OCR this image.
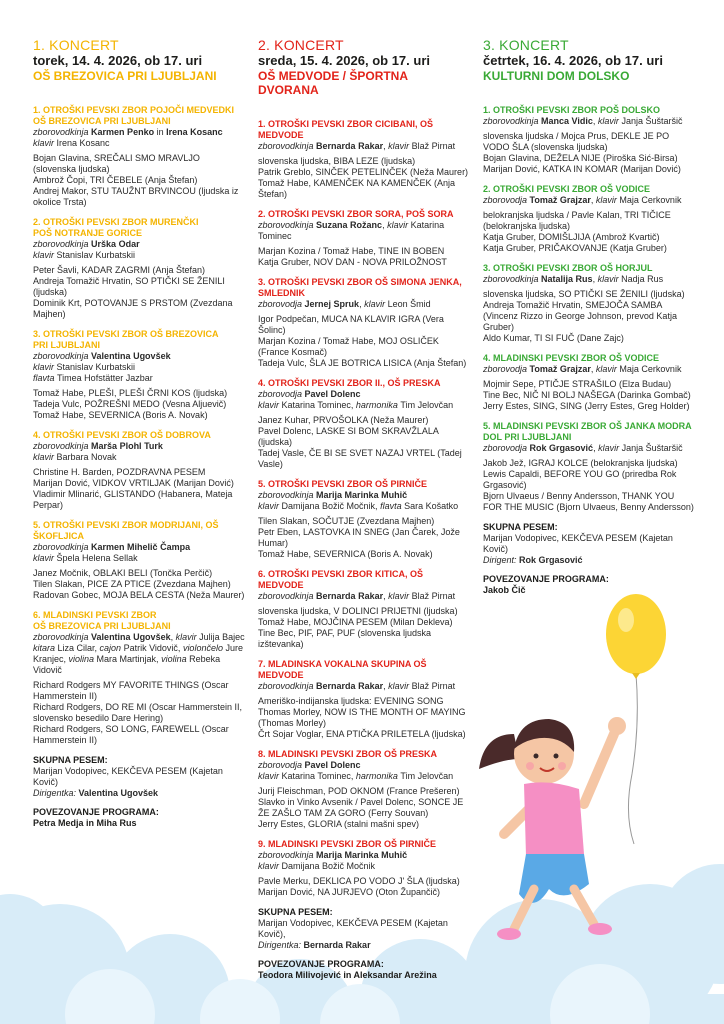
1. KONCERT
torek, 14. 4. 2026, ob 17. uri
OŠ BREZOVICA PRI LJUBLJANI
1. OTROŠKI PEVSKI ZBOR POJOČI MEDVEDKI
OŠ BREZOVICA PRI LJUBLJANI
zborovodkinja Karmen Penko in Irena Kosanc
klavir Irena Kosanc
Bojan Glavina, SREČALI SMO MRAVLJO (slovenska ljudska)
Ambrož Čopi, TRI ČEBELE (Anja Štefan)
Andrej Makor, STU TAUŽNT BRVINCOU (ljudska iz okolice Trsta)
2. OTROŠKI PEVSKI ZBOR MURENČKI
POŠ NOTRANJE GORICE
zborovodkinja Urška Odar
klavir Stanislav Kurbatskii
Peter Šavli, KADAR ZAGRMI (Anja Štefan)
Andreja Tomažič Hrvatin, SO PTIČKI SE ŽENILI (ljudska)
Dominik Krt, POTOVANJE S PRSTOM (Zvezdana Majhen)
3. OTROŠKI PEVSKI ZBOR OŠ BREZOVICA
PRI LJUBLJANI
zborovodkinja Valentina Ugovšek
klavir Stanislav Kurbatskii
flavta Timea Hofstätter Jazbar
Tomaž Habe, PLEŠI, PLEŠI ČRNI KOS (ljudska)
Tadeja Vulc, POŽREŠNI MEDO (Vesna Aljuevič)
Tomaž Habe, SEVERNICA (Boris A. Novak)
4. OTROŠKI PEVSKI ZBOR OŠ DOBROVA
zborovodkinja Marša Plohl Turk
klavir Barbara Novak
Christine H. Barden, POZDRAVNA PESEM
Marijan Dović, VIDKOV VRTILJAK (Marijan Dović)
Vladimir Mlinarić, GLISTANDO (Habanera, Mateja Perpar)
5. OTROŠKI PEVSKI ZBOR MODRIJANI, OŠ ŠKOFLJICA
zborovodkinja Karmen Mihelič Čampa
klavir Špela Helena Sellak
Janez Močnik, OBLAKI BELI (Tončka Perčič)
Tilen Slakan, PICE ZA PTICE (Zvezdana Majhen)
Radovan Gobec, MOJA BELA CESTA (Neža Maurer)
6. MLADINSKI PEVSKI ZBOR
OŠ BREZOVICA PRI LJUBLJANI
zborovodkinja Valentina Ugovšek, klavir Julija Bajec
kitara Liza Cilar, cajon Patrik Vidovič, violončelo Jure Kranjec, violina Mara Martinjak, violina Rebeka Vidovič
Richard Rodgers MY FAVORITE THINGS (Oscar Hammerstein II)
Richard Rodgers, DO RE MI (Oscar Hammerstein II, slovensko besedilo Dare Hering)
Richard Rodgers, SO LONG, FAREWELL (Oscar Hammerstein II)
SKUPNA PESEM:
Marijan Vodopivec, KEKČEVA PESEM (Kajetan Kovič)
Dirigentka: Valentina Ugovšek
POVEZOVANJE PROGRAMA:
Petra Medja in Miha Rus
2. KONCERT
sreda, 15. 4. 2026, ob 17. uri
OŠ MEDVODE / ŠPORTNA DVORANA
1. OTROŠKI PEVSKI ZBOR CICIBANI, OŠ MEDVODE
zborovodkinja Bernarda Rakar, klavir Blaž Pirnat
slovenska ljudska, BIBA LEZE (ljudska)
Patrik Greblo, SINČEK PETELINČEK (Neža Maurer)
Tomaž Habe, KAMENČEK NA KAMENČEK (Anja Štefan)
2. OTROŠKI PEVSKI ZBOR SORA, POŠ SORA
zborovodkinja Suzana Rožanc, klavir Katarina Tominec
Marjan Kozina / Tomaž Habe, TINE IN BOBEN
Katja Gruber, NOV DAN - NOVA PRILOŽNOST
3. OTROŠKI PEVSKI ZBOR OŠ SIMONA JENKA, SMLEDNIK
zborovodja Jernej Spruk, klavir Leon Šmid
Igor Podpečan, MUCA NA KLAVIR IGRA (Vera Šolinc)
Marjan Kozina / Tomaž Habe, MOJ OSLIČEK (France Kosmač)
Tadeja Vulc, ŠLA JE BOTRICA LISICA (Anja Štefan)
4. OTROŠKI PEVSKI ZBOR II., OŠ PRESKA
zborovodja Pavel Dolenc
klavir Katarina Tominec, harmonika Tim Jelovčan
Janez Kuhar, PRVOŠOLKA (Neža Maurer)
Pavel Dolenc, LASKE SI BOM SKRAVŽLALA (ljudska)
Tadej Vasle, ČE BI SE SVET NAZAJ VRTEL (Tadej Vasle)
5. OTROŠKI PEVSKI ZBOR OŠ PIRNIČE
zborovodkinja Marija Marinka Muhič
klavir Damijana Božič Močnik, flavta Sara Košatko
Tilen Slakan, SOČUTJE (Zvezdana Majhen)
Petr Eben, LASTOVKA IN SNEG (Jan Čarek, Jože Humar)
Tomaž Habe, SEVERNICA (Boris A. Novak)
6. OTROŠKI PEVSKI ZBOR KITICA, OŠ MEDVODE
zborovodkinja Bernarda Rakar, klavir Blaž Pirnat
slovenska ljudska, V DOLINCI PRIJETNI (ljudska)
Tomaž Habe, MOJČINA PESEM (Milan Dekleva)
Tine Bec, PIF, PAF, PUF (slovenska ljudska izštevanka)
7. MLADINSKA VOKALNA SKUPINA OŠ MEDVODE
zborovodkinja Bernarda Rakar, klavir Blaž Pirnat
Ameriško-indijanska ljudska: EVENING SONG
Thomas Morley, NOW IS THE MONTH OF MAYING (Thomas Morley)
Črt Sojar Voglar, ENA PTIČKA PRILETELA (ljudska)
8. MLADINSKI PEVSKI ZBOR OŠ PRESKA
zborovodja Pavel Dolenc
klavir Katarina Tominec, harmonika Tim Jelovčan
Jurij Fleischman, POD OKNOM (France Prešeren)
Slavko in Vinko Avsenik / Pavel Dolenc, SONCE JE ŽE ZAŠLO TAM ZA GORO (Ferry Souvan)
Jerry Estes, GLORIA (stalni mašni spev)
9. MLADINSKI PEVSKI ZBOR OŠ PIRNIČE
zborovodkinja Marija Marinka Muhič
klavir Damijana Božič Močnik
Pavle Merku, DEKLICA PO VODO J' ŠLA (ljudska)
Marijan Dović, NA JURJEVO (Oton Župančič)
SKUPNA PESEM:
Marijan Vodopivec, KEKČEVA PESEM (Kajetan Kovič),
Dirigentka: Bernarda Rakar
POVEZOVANJE PROGRAMA:
Teodora Milivojević in Aleksandar Arežina
3. KONCERT
četrtek, 16. 4. 2026, ob 17. uri
KULTURNI DOM DOLSKO
1. OTROŠKI PEVSKI ZBOR POŠ DOLSKO
zborovodkinja Manca Vidic, klavir Janja Šuštaršič
slovenska ljudska / Mojca Prus, DEKLE JE PO VODO ŠLA (slovenska ljudska)
Bojan Glavina, DEŽELA NIJE (Piroška Sić-Birsa)
Marijan Dović, KATKA IN KOMAR (Marijan Dović)
2. OTROŠKI PEVSKI ZBOR OŠ VODICE
zborovodja Tomaž Grajzar, klavir Maja Cerkovnik
belokranjska ljudska / Pavle Kalan, TRI TIČICE (belokranjska ljudska)
Katja Gruber, DOMIŠLJIJA (Ambrož Kvartič)
Katja Gruber, PRIČAKOVANJE (Katja Gruber)
3. OTROŠKI PEVSKI ZBOR OŠ HORJUL
zborovodkinja Natalija Rus, klavir Nadja Rus
slovenska ljudska, SO PTIČKI SE ŽENILI (ljudska)
Andreja Tomažič Hrvatin, SMEJOČA SAMBA (Vincenz Rizzo in George Johnson, prevod Katja Gruber)
Aldo Kumar, TI SI FUČ (Dane Zajc)
4. MLADINSKI PEVSKI ZBOR OŠ VODICE
zborovodja Tomaž Grajzar, klavir Maja Cerkovnik
Mojmir Sepe, PTIČJE STRAŠILO (Elza Budau)
Tine Bec, NIČ NI BOLJ NAŠEGA (Darinka Gombač)
Jerry Estes, SING, SING (Jerry Estes, Greg Holder)
5. MLADINSKI PEVSKI ZBOR OŠ JANKA MODRA
DOL PRI LJUBLJANI
zborovodja Rok Grgasović, klavir Janja Šuštaršič
Jakob Jež, IGRAJ KOLCE (belokranjska ljudska)
Lewis Capaldi, BEFORE YOU GO (priredba Rok Grgasović)
Bjorn Ulvaeus / Benny Andersson, THANK YOU FOR THE MUSIC (Bjorn Ulvaeus, Benny Andersson)
SKUPNA PESEM:
Marijan Vodopivec, KEKČEVA PESEM (Kajetan Kovič)
Dirigent: Rok Grgasović
POVEZOVANJE PROGRAMA:
Jakob Čič
